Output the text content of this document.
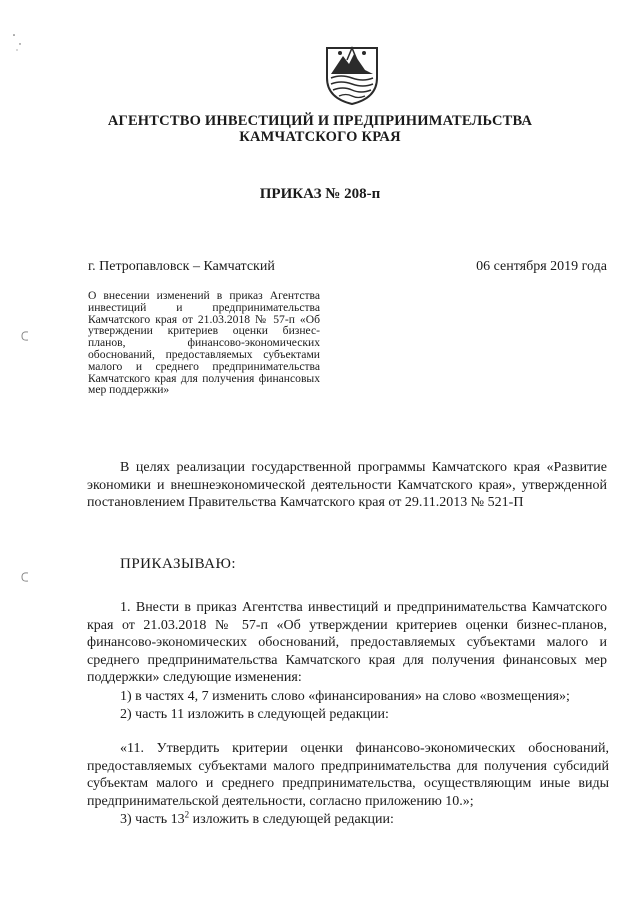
АГЕНТСТВО ИНВЕСТИЦИЙ И ПРЕДПРИНИМАТЕЛЬСТВА
КАМЧАТСКОГО КРАЯ
ПРИКАЗ № 208-п
г. Петропавловск – Камчатский	06 сентября 2019 года
О внесении изменений в приказ Агентства инвестиций и предпринимательства Камчатского края от 21.03.2018 № 57-п «Об утверждении критериев оценки бизнес-планов, финансово-экономических обоснований, предоставляемых субъектами малого и среднего предпринимательства Камчатского края для получения финансовых мер поддержки»

В целях реализации государственной программы Камчатского края «Развитие экономики и внешнеэкономической деятельности Камчатского края», утвержденной постановлением Правительства Камчатского края от 29.11.2013 № 521-П

ПРИКАЗЫВАЮ:

1. Внести в приказ Агентства инвестиций и предпринимательства Камчатского края от 21.03.2018 № 57-п «Об утверждении критериев оценки бизнес-планов, финансово-экономических обоснований, предоставляемых субъектами малого и среднего предпринимательства Камчатского края для получения финансовых мер поддержки» следующие изменения:

1) в частях 4, 7 изменить слово «финансирования» на слово «возмещения»;

2) часть 11 изложить в следующей редакции:

«11. Утвердить критерии оценки финансово-экономических обоснований, предоставляемых субъектами малого предпринимательства для получения субсидий субъектам малого и среднего предпринимательства, осуществляющим иные виды предпринимательской деятельности, согласно приложению 10.»;

3) часть $13^2$ изложить в следующей редакции:
